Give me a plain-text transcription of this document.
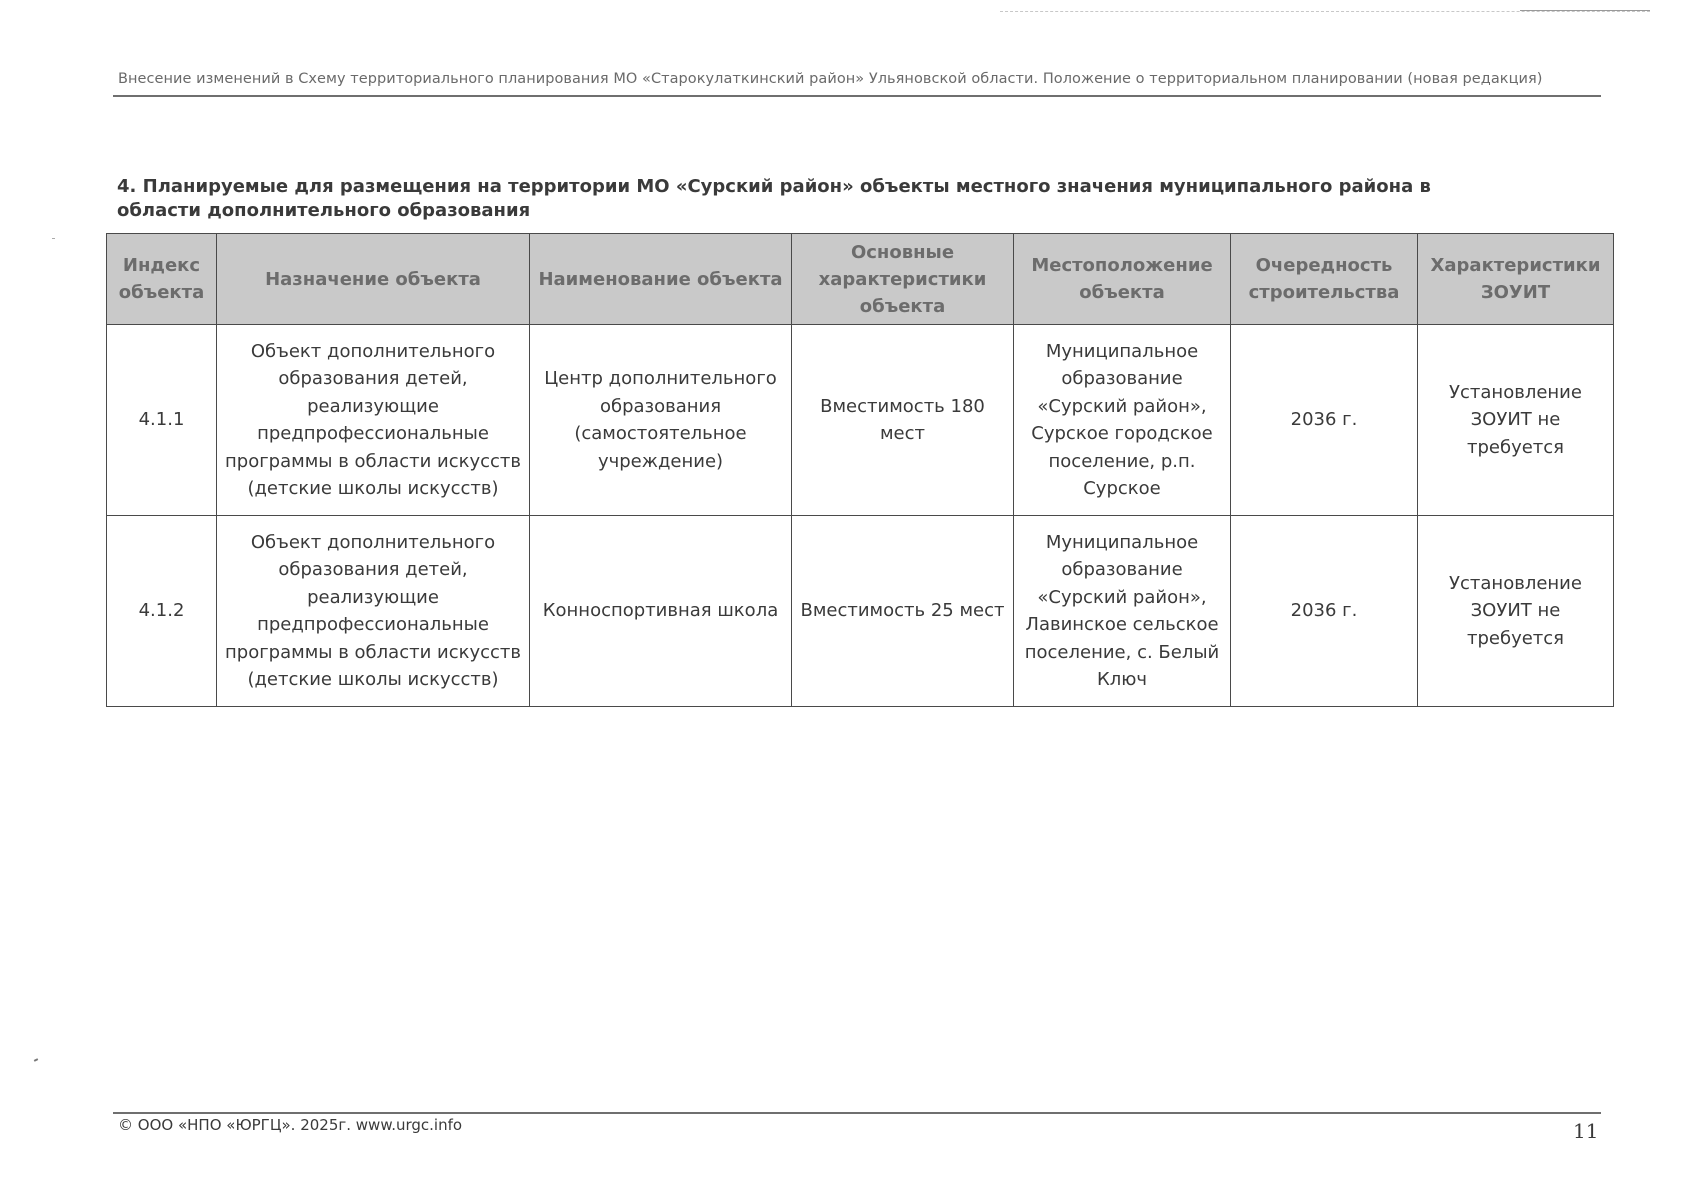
Внесение изменений в Схему территориального планирования МО «Старокулаткинский район» Ульяновской области. Положение о территориальном планировании (новая редакция)
4. Планируемые для размещения на территории МО «Сурский район» объекты местного значения муниципального района в области дополнительного образования
Индекс объекта	Назначение объекта	Наименование объекта	Основные характеристики объекта	Местоположение объекта	Очередность строительства	Характеристики ЗОУИТ
4.1.1	Объект дополнительного образования детей, реализующие предпрофессиональные программы в области искусств (детские школы искусств)	Центр дополнительного образования (самостоятельное учреждение)	Вместимость 180 мест	Муниципальное образование «Сурский район», Сурское городское поселение, р.п. Сурское	2036 г.	Установление ЗОУИТ не требуется
4.1.2	Объект дополнительного образования детей, реализующие предпрофессиональные программы в области искусств (детские школы искусств)	Конноспортивная школа	Вместимость 25 мест	Муниципальное образование «Сурский район», Лавинское сельское поселение, с. Белый Ключ	2036 г.	Установление ЗОУИТ не требуется
© ООО «НПО «ЮРГЦ». 2025г. www.urgc.info	11
